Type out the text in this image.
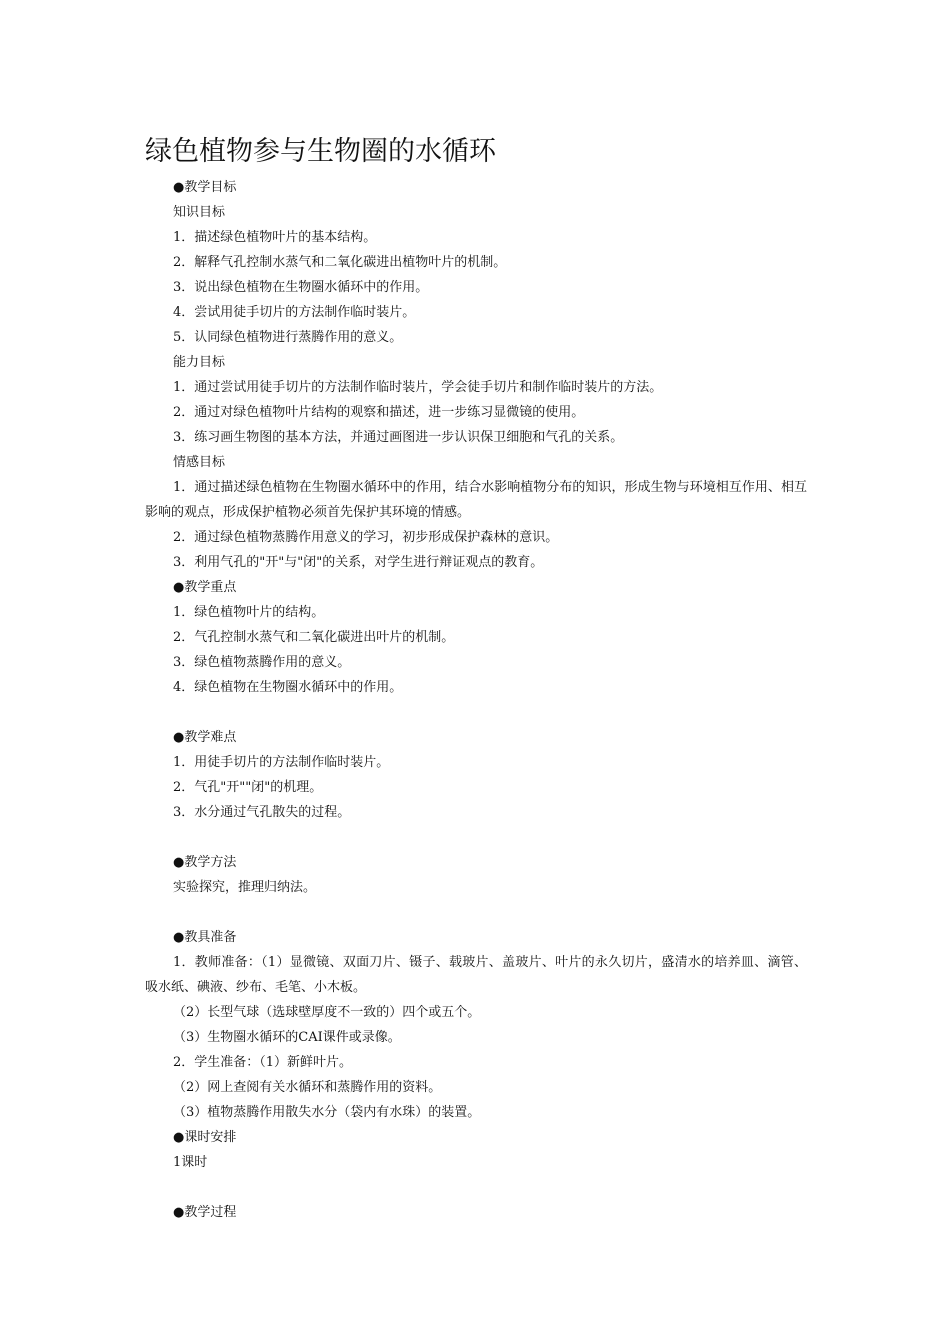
绿色植物参与生物圈的水循环
●教学目标
知识目标
1．描述绿色植物叶片的基本结构。
2．解释气孔控制水蒸气和二氧化碳进出植物叶片的机制。
3．说出绿色植物在生物圈水循环中的作用。
4．尝试用徒手切片的方法制作临时装片。
5．认同绿色植物进行蒸腾作用的意义。
能力目标
1．通过尝试用徒手切片的方法制作临时装片，学会徒手切片和制作临时装片的方法。
2．通过对绿色植物叶片结构的观察和描述，进一步练习显微镜的使用。
3．练习画生物图的基本方法，并通过画图进一步认识保卫细胞和气孔的关系。
情感目标
1．通过描述绿色植物在生物圈水循环中的作用，结合水影响植物分布的知识，形成生物与环境相互作用、相互影响的观点，形成保护植物必须首先保护其环境的情感。
2．通过绿色植物蒸腾作用意义的学习，初步形成保护森林的意识。
3．利用气孔的"开"与"闭"的关系，对学生进行辩证观点的教育。
●教学重点
1．绿色植物叶片的结构。
2．气孔控制水蒸气和二氧化碳进出叶片的机制。
3．绿色植物蒸腾作用的意义。
4．绿色植物在生物圈水循环中的作用。
●教学难点
1．用徒手切片的方法制作临时装片。
2．气孔"开""闭"的机理。
3．水分通过气孔散失的过程。
●教学方法
实验探究，推理归纳法。
●教具准备
1．教师准备：（1）显微镜、双面刀片、镊子、载玻片、盖玻片、叶片的永久切片，盛清水的培养皿、滴管、吸水纸、碘液、纱布、毛笔、小木板。
（2）长型气球（选球壁厚度不一致的）四个或五个。
（3）生物圈水循环的CAI课件或录像。
2．学生准备：（1）新鲜叶片。
（2）网上查阅有关水循环和蒸腾作用的资料。
（3）植物蒸腾作用散失水分（袋内有水珠）的装置。
●课时安排
1课时
●教学过程
